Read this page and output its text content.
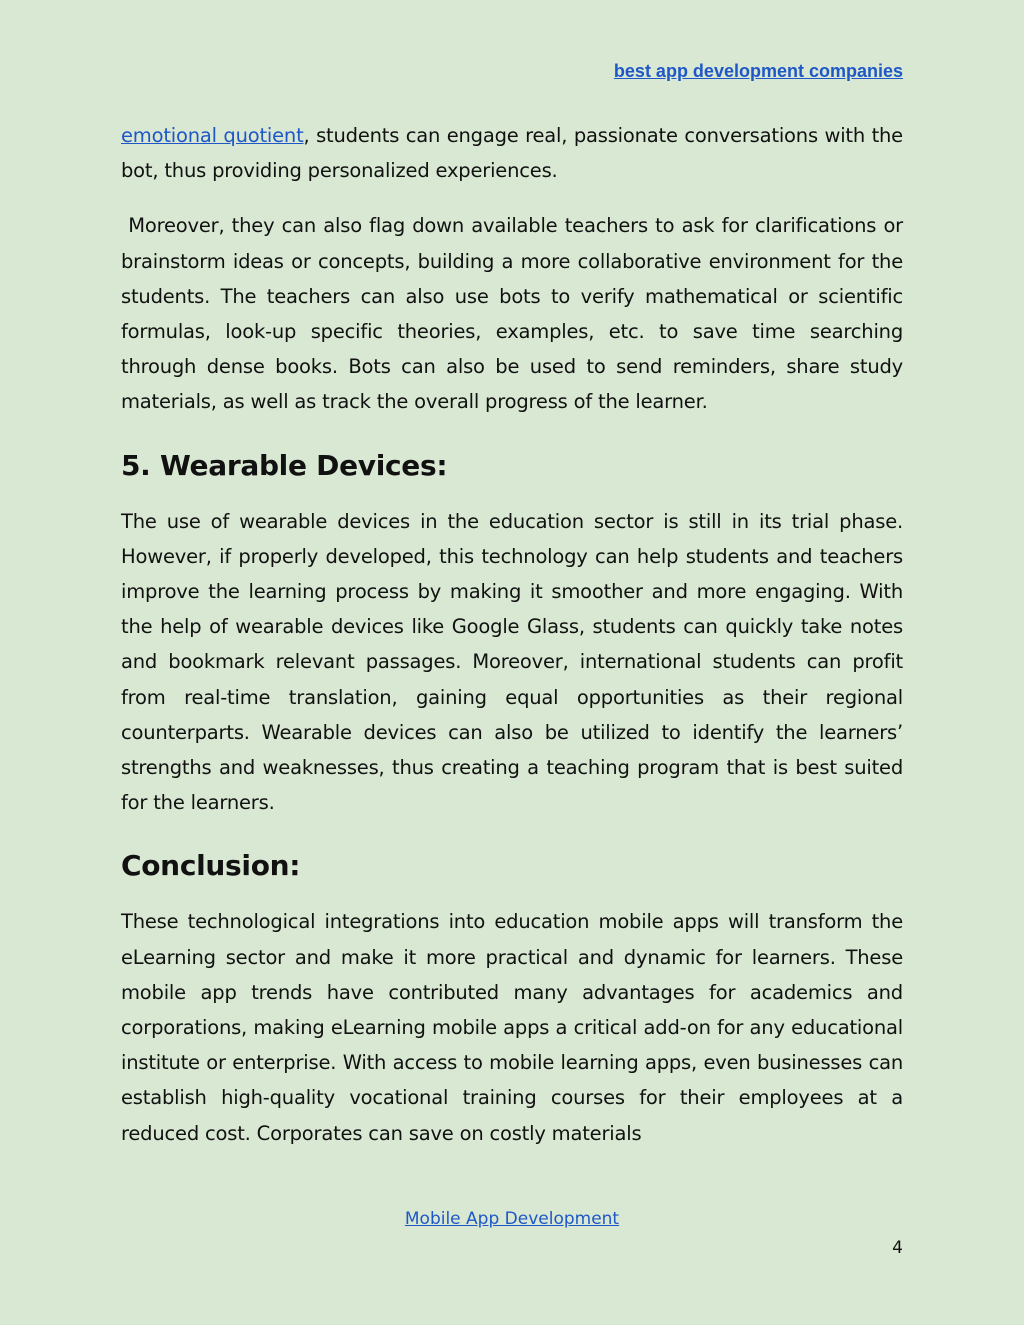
best app development companies

emotional quotient, students can engage real, passionate conversations with the bot, thus providing personalized experiences.

Moreover, they can also flag down available teachers to ask for clarifications or brainstorm ideas or concepts, building a more collaborative environment for the students. The teachers can also use bots to verify mathematical or scientific formulas, look-up specific theories, examples, etc. to save time searching through dense books. Bots can also be used to send reminders, share study materials, as well as track the overall progress of the learner.

5. Wearable Devices:

The use of wearable devices in the education sector is still in its trial phase. However, if properly developed, this technology can help students and teachers improve the learning process by making it smoother and more engaging. With the help of wearable devices like Google Glass, students can quickly take notes and bookmark relevant passages. Moreover, international students can profit from real-time translation, gaining equal opportunities as their regional counterparts. Wearable devices can also be utilized to identify the learners’ strengths and weaknesses, thus creating a teaching program that is best suited for the learners.

Conclusion:

These technological integrations into education mobile apps will transform the eLearning sector and make it more practical and dynamic for learners. These mobile app trends have contributed many advantages for academics and corporations, making eLearning mobile apps a critical add-on for any educational institute or enterprise. With access to mobile learning apps, even businesses can establish high-quality vocational training courses for their employees at a reduced cost. Corporates can save on costly materials

Mobile App Development
4
